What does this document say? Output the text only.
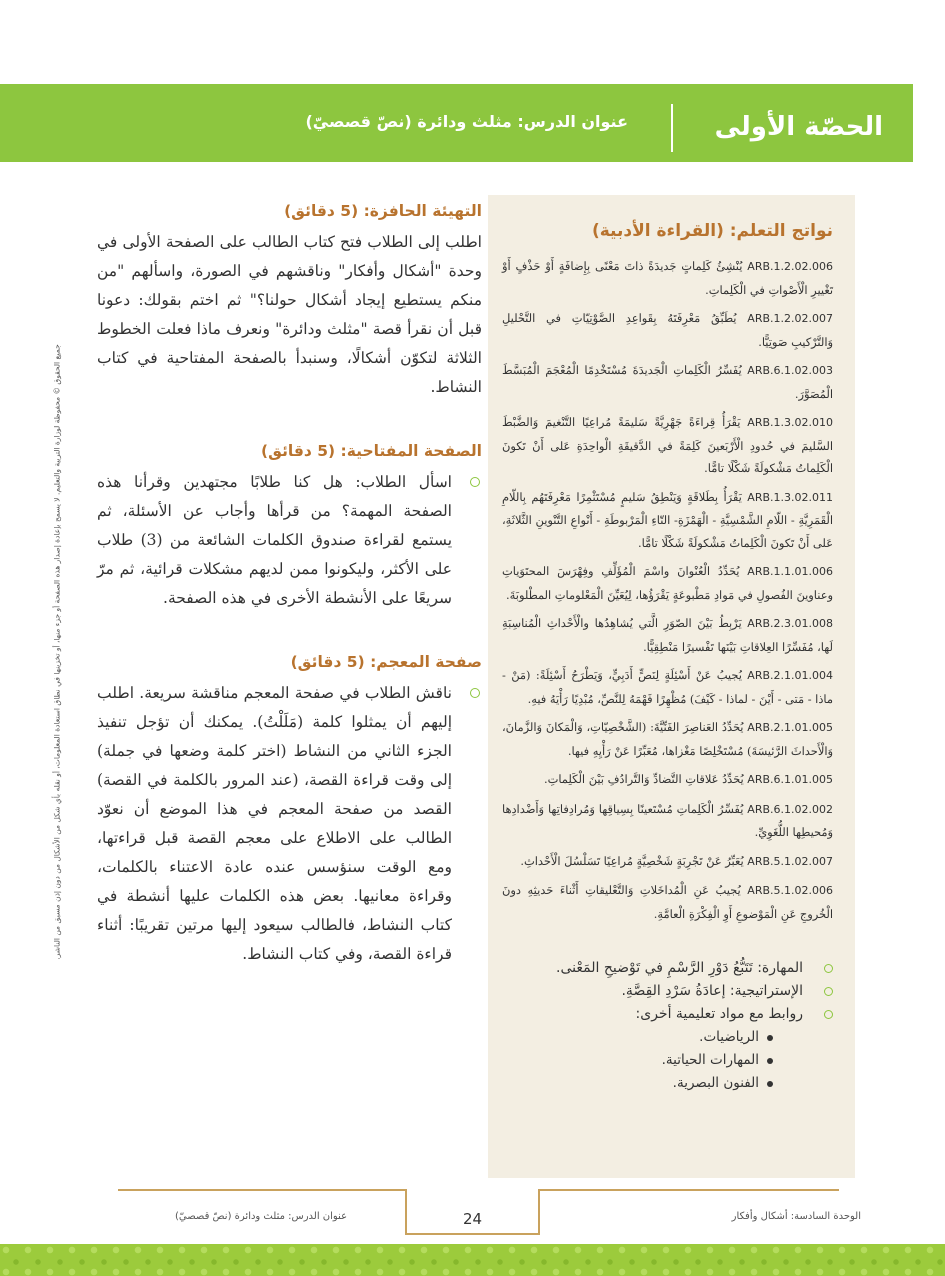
الحصّة الأولى
عنوان الدرس: مثلث ودائرة (نصّ قصصيّ)
التهيئة الحافزة: (5 دقائق)
اطلب إلى الطلاب فتح كتاب الطالب على الصفحة الأولى في وحدة "أشكال وأفكار" وناقشهم في الصورة، واسألهم "من منكم يستطيع إيجاد أشكال حولنا؟" ثم اختم بقولك: دعونا قبل أن نقرأ قصة "مثلث ودائرة" ونعرف ماذا فعلت الخطوط الثلاثة لتكوّن أشكالًا، وسنبدأ بالصفحة المفتاحية في كتاب النشاط.
الصفحة المفتاحية: (5 دقائق)
اسأل الطلاب: هل كنا طلابًا مجتهدين وقرأنا هذه الصفحة المهمة؟ من قرأها وأجاب عن الأسئلة، ثم يستمع لقراءة صندوق الكلمات الشائعة من (3) طلاب على الأكثر، وليكونوا ممن لديهم مشكلات قرائية، ثم مرّ سريعًا على الأنشطة الأخرى في هذه الصفحة.
صفحة المعجم: (5 دقائق)
ناقش الطلاب في صفحة المعجم مناقشة سريعة. اطلب إليهم أن يمثلوا كلمة (مَلَلْتُ). يمكنك أن تؤجل تنفيذ الجزء الثاني من النشاط (اختر كلمة وضعها في جملة) إلى وقت قراءة القصة، (عند المرور بالكلمة في القصة) القصد من صفحة المعجم في هذا الموضع أن نعوّد الطالب على الاطلاع على معجم القصة قبل قراءتها، ومع الوقت سنؤسس عنده عادة الاعتناء بالكلمات، وقراءة معانيها. بعض هذه الكلمات عليها أنشطة في كتاب النشاط، فالطالب سيعود إليها مرتين تقريبًا: أثناء قراءة القصة، وفي كتاب النشاط.
نواتج التعلم: (القراءة الأدبية)
ARB.1.2.02.006 يُنْشِئُ كَلِماتٍ جَديدَةً ذاتَ مَعْنًى بِإِضافَةٍ أَوْ حَذْفٍ أَوْ تَغْييرِ الْأَصْواتِ في الْكَلِماتِ.
ARB.1.2.02.007 يُطَبِّقُ مَعْرِفَتَهُ بِقَواعِدِ الصَّوْتِيّاتِ في التَّحْليلِ وَالتَّرْكيبِ صَوتِيًّا.
ARB.6.1.02.003 يُفَسِّرُ الْكَلِماتِ الْجَديدَةَ مُسْتَخْدِمًا الْمُعْجَمَ الْمُبَسَّطَ الْمُصَوَّرَ.
ARB.1.3.02.010 يَقْرَأُ قِراءَةً جَهْرِيَّةً سَليمَةً مُراعِيًا التَّنْغيمَ وَالضَّبْطَ السَّليمَ في حُدودِ الْأَرْبَعينَ كَلِمَةً في الدَّقيقَةِ الْواحِدَةِ عَلى أَنْ تَكونَ الْكَلِماتُ مَشْكولَةً شَكْلًا تامًّا.
ARB.1.3.02.011 يَقْرَأُ بِطَلاقَةٍ وَيَنْطِقُ سَليمٍ مُسْتَثْمِرًا مَعْرِفَتَهُم بِاللّامِ الْقَمَرِيَّةِ - اللّامِ الشَّمْسِيَّةِ - الْهَمْزَةِ- التّاءِ الْمَرْبوطَةِ - أَنْواعِ التَّنْوينِ الثَّلاثَةِ، عَلى أَنْ تَكونَ الْكَلِماتُ مَشْكولَةً شَكْلًا تامًّا.
ARB.1.1.01.006 يُحَدِّدُ الْعُنْوانَ واسْمَ الْمُؤَلِّفِ وفِهْرَسَ المحتَوَياتِ وعناوينَ الفُصولِ في مَوادِ مَطْبوعَةٍ يَقْرَؤُها، لِيُعَيِّنَ الْمَعْلوماتِ المطْلوبَةَ.
ARB.2.3.01.008 يَرْبِطُ بَيْنَ الصّوَرِ الَّتي يُشاهِدُها والْأَحْداثِ الْمُناسِبَةِ لَها، مُفَسِّرًا العِلاقاتِ بَيْنَها تَفْسيرًا مَنْطِقِيًّا.
ARB.2.1.01.004 يُجيبُ عَنْ أَسْئِلَةٍ لِنَصٍّ أَدَبِيٍّ، وَيَطْرَحُ أَسْئِلَةً: (مَنْ - ماذا - مَتى - أَيْنَ - لماذا - كَيْفَ) مُظْهِرًا فَهْمَهُ لِلنَّصِّ، مُبْدِيًا رَأْيَهُ فيهِ.
ARB.2.1.01.005 يُحَدِّدُ العَناصِرَ الفَنِّيَّةَ: (الشَّخْصِيّاتِ، وَالْمَكانَ وَالزَّمانَ، وَالْأَحداثَ الرَّئيسَةَ) مُسْتَخْلِصًا مَغْزاها، مُعَبِّرًا عَنْ رَأْيِهِ فيها.
ARB.6.1.01.005 يُحَدِّدُ عَلاقاتِ التَّضادِّ وَالتَّرادُفِ بَيْنَ الْكَلِماتِ.
ARB.6.1.02.002 يُفَسِّرُ الْكَلِماتِ مُسْتَعينًا بِسِياقِها وَمُرادِفاتِها وَأَضْدادِها وَمُحيطِها اللُّغَوِيِّ.
ARB.5.1.02.007 يُعَبِّرُ عَنْ تَجْرِبَةٍ شَخْصِيَّةٍ مُراعِيًا تَسَلْسُلَ الْأَحْداثِ.
ARB.5.1.02.006 يُجيبُ عَنِ الْمُداخَلاتِ وَالتَّعْليقاتِ أَثْناءَ حَديثِهِ دونَ الْخُروجِ عَنِ الْمَوْضوعِ أَوِ الْفِكْرَةِ الْعامَّةِ.
المهارة: تَتَبُّعُ دَوْرِ الرَّسْمِ في تَوْضيحِ المَعْنى.
الإستراتيجية: إعادَةُ سَرْدِ القِصَّةِ.
روابط مع مواد تعليمية أخرى:
الرياضيات.
المهارات الحياتية.
الفنون البصرية.
جميع الحقوق © محفوظة لوزارة التربية والتعليم. لا يسمح بإعادة إصدار هذه الصفحة أو جزء منها، أو تخزينها في نطاق استعادة المعلومات، أو نقله بأي شكل من الأشكال من دون إذن مسبق من الناشر.
24
عنوان الدرس: مثلث ودائرة (نصّ قصصيّ)	الوحدة السادسة: أشكال وأفكار
